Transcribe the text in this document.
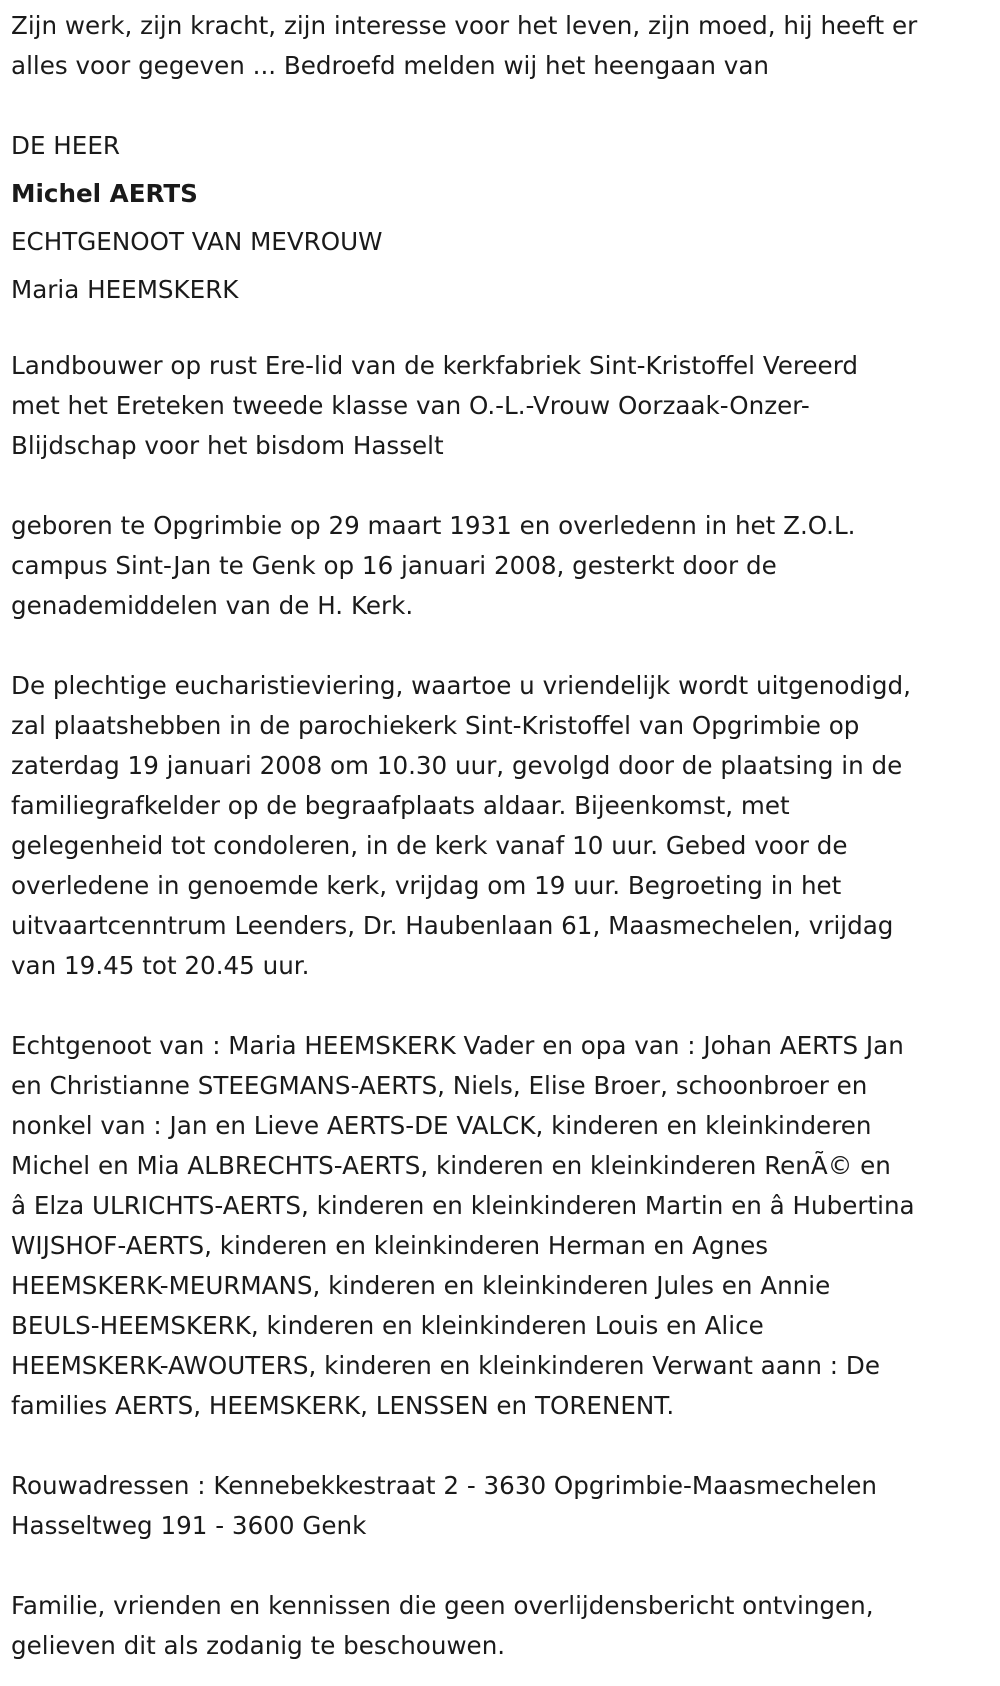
Zijn werk, zijn kracht, zijn interesse voor het leven, zijn moed, hij heeft er
alles voor gegeven ... Bedroefd melden wij het heengaan van
DE HEER
Michel AERTS
ECHTGENOOT VAN MEVROUW
Maria HEEMSKERK
Landbouwer op rust Ere-lid van de kerkfabriek Sint-Kristoffel Vereerd
met het Ereteken tweede klasse van O.-L.-Vrouw Oorzaak-Onzer-
Blijdschap voor het bisdom Hasselt
geboren te Opgrimbie op 29 maart 1931 en overledenn in het Z.O.L.
campus Sint-Jan te Genk op 16 januari 2008, gesterkt door de
genademiddelen van de H. Kerk.
De plechtige eucharistieviering, waartoe u vriendelijk wordt uitgenodigd,
zal plaatshebben in de parochiekerk Sint-Kristoffel van Opgrimbie op
zaterdag 19 januari 2008 om 10.30 uur, gevolgd door de plaatsing in de
familiegrafkelder op de begraafplaats aldaar. Bijeenkomst, met
gelegenheid tot condoleren, in de kerk vanaf 10 uur. Gebed voor de
overledene in genoemde kerk, vrijdag om 19 uur. Begroeting in het
uitvaartcenntrum Leenders, Dr. Haubenlaan 61, Maasmechelen, vrijdag
van 19.45 tot 20.45 uur.
Echtgenoot van : Maria HEEMSKERK Vader en opa van : Johan AERTS Jan
en Christianne STEEGMANS-AERTS, Niels, Elise Broer, schoonbroer en
nonkel van : Jan en Lieve AERTS-DE VALCK, kinderen en kleinkinderen
Michel en Mia ALBRECHTS-AERTS, kinderen en kleinkinderen RenÃ© en
â Elza ULRICHTS-AERTS, kinderen en kleinkinderen Martin en â Hubertina
WIJSHOF-AERTS, kinderen en kleinkinderen Herman en Agnes
HEEMSKERK-MEURMANS, kinderen en kleinkinderen Jules en Annie
BEULS-HEEMSKERK, kinderen en kleinkinderen Louis en Alice
HEEMSKERK-AWOUTERS, kinderen en kleinkinderen Verwant aann : De
families AERTS, HEEMSKERK, LENSSEN en TORENENT.
Rouwadressen : Kennebekkestraat 2 - 3630 Opgrimbie-Maasmechelen
Hasseltweg 191 - 3600 Genk
Familie, vrienden en kennissen die geen overlijdensbericht ontvingen,
gelieven dit als zodanig te beschouwen.
